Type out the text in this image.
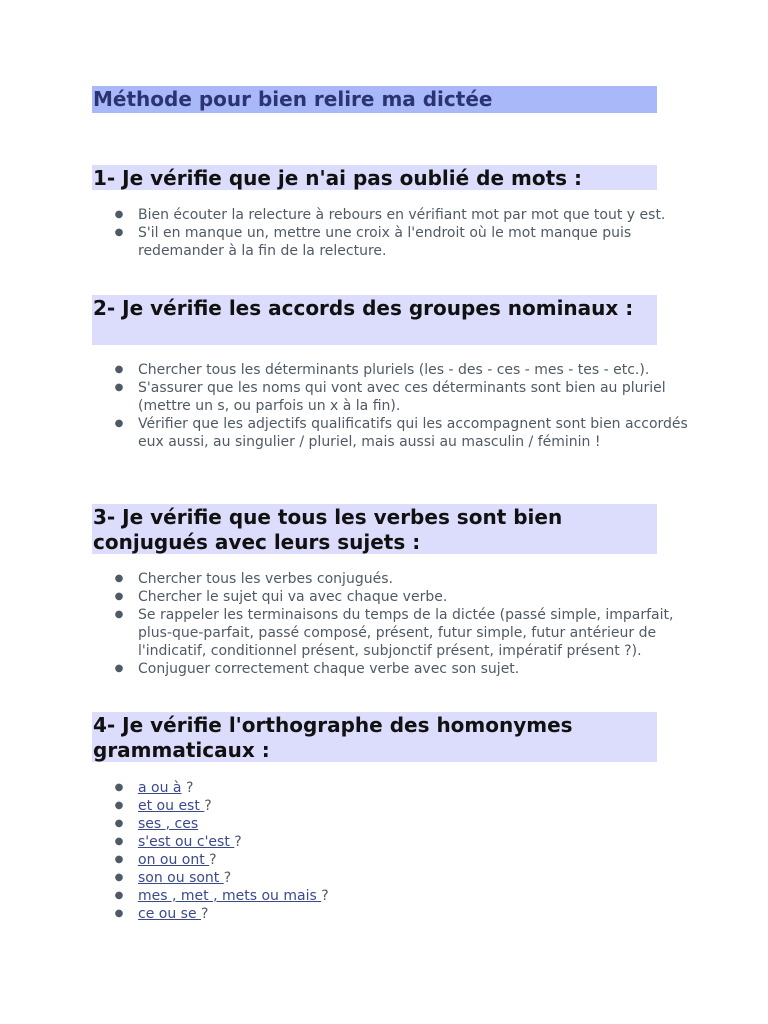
Méthode pour bien relire ma dictée
1- Je vérifie que je n'ai pas oublié de mots :
● Bien écouter la relecture à rebours en vérifiant mot par mot que tout y est.
● S'il en manque un, mettre une croix à l'endroit où le mot manque puis redemander à la fin de la relecture.
2- Je vérifie les accords des groupes nominaux :
● Chercher tous les déterminants pluriels (les - des - ces - mes - tes - etc.).
● S'assurer que les noms qui vont avec ces déterminants sont bien au pluriel (mettre un s, ou parfois un x à la fin).
● Vérifier que les adjectifs qualificatifs qui les accompagnent sont bien accordés eux aussi, au singulier / pluriel, mais aussi au masculin / féminin !
3- Je vérifie que tous les verbes sont bien conjugués avec leurs sujets :
● Chercher tous les verbes conjugués.
● Chercher le sujet qui va avec chaque verbe.
● Se rappeler les terminaisons du temps de la dictée (passé simple, imparfait, plus-que-parfait, passé composé, présent, futur simple, futur antérieur de l'indicatif, conditionnel présent, subjonctif présent, impératif présent ?).
● Conjuguer correctement chaque verbe avec son sujet.
4- Je vérifie l'orthographe des homonymes grammaticaux :
● a ou à ?
● et ou est ?
● ses , ces
● s'est ou c'est ?
● on ou ont ?
● son ou sont ?
● mes , met , mets ou mais ?
● ce ou se ?
